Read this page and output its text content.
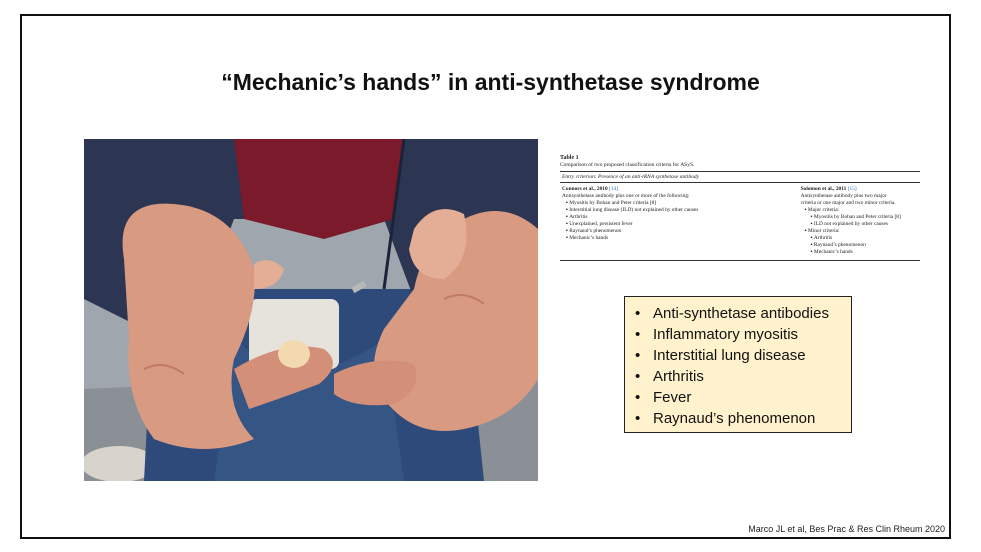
“Mechanic’s hands” in anti-synthetase syndrome
Table 1
Comparison of two proposed classification criteria for ASyS.
Entry criterion: Presence of an anti-tRNA synthetase antibody
Connors et al., 2010 [14]
Antisynthetase antibody plus one or more of the following:
▪ Myositis by Bohan and Peter criteria [8]
▪ Interstitial lung disease (ILD) not explained by other causes
▪ Arthritis
▪ Unexplained, persistent fever
▪ Raynaud’s phenomenon
▪ Mechanic’s hands
Solomon et al., 2011 [15]
Antisynthetase antibody plus two major
criteria or one major and two minor criteria.
▪ Major criteria:
▪ Myositis by Bohan and Peter criteria [8]
▪ ILD not explained by other causes
▪ Minor criteria:
▪ Arthritis
▪ Raynaud’s phenomenon
▪ Mechanic’s hands
• Anti-synthetase antibodies
• Inflammatory myositis
• Interstitial lung disease
• Arthritis
• Fever
• Raynaud’s phenomenon
Marco JL et al, Bes Prac & Res Clin Rheum 2020
